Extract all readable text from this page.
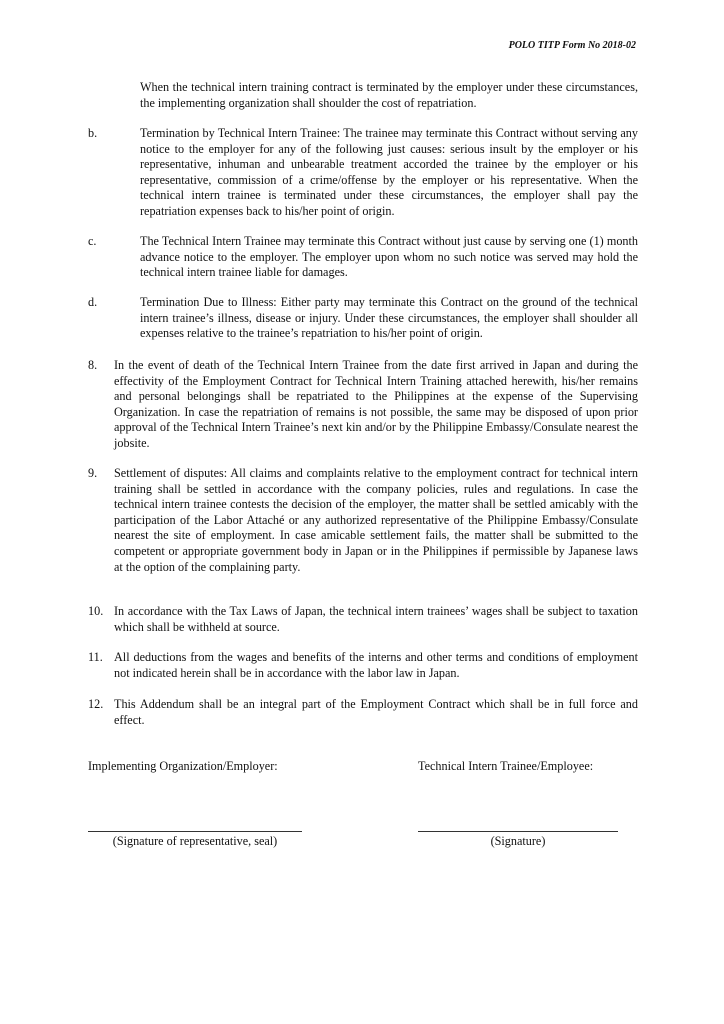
POLO TITP Form No 2018-02

When the technical intern training contract is terminated by the employer under these circumstances, the implementing organization shall shoulder the cost of repatriation.

b.	Termination by Technical Intern Trainee: The trainee may terminate this Contract without serving any notice to the employer for any of the following just causes: serious insult by the employer or his representative, inhuman and unbearable treatment accorded the trainee by the employer or his representative, commission of a crime/offense by the employer or his representative. When the technical intern trainee is terminated under these circumstances, the employer shall pay the repatriation expenses back to his/her point of origin.

c.	The Technical Intern Trainee may terminate this Contract without just cause by serving one (1) month advance notice to the employer. The employer upon whom no such notice was served may hold the technical intern trainee liable for damages.

d.	Termination Due to Illness: Either party may terminate this Contract on the ground of the technical intern trainee’s illness, disease or injury. Under these circumstances, the employer shall shoulder all expenses relative to the trainee’s repatriation to his/her point of origin.

8. In the event of death of the Technical Intern Trainee from the date first arrived in Japan and during the effectivity of the Employment Contract for Technical Intern Training attached herewith, his/her remains and personal belongings shall be repatriated to the Philippines at the expense of the Supervising Organization. In case the repatriation of remains is not possible, the same may be disposed of upon prior approval of the Technical Intern Trainee’s next kin and/or by the Philippine Embassy/Consulate nearest the jobsite.

9. Settlement of disputes: All claims and complaints relative to the employment contract for technical intern training shall be settled in accordance with the company policies, rules and regulations. In case the technical intern trainee contests the decision of the employer, the matter shall be settled amicably with the participation of the Labor Attaché or any authorized representative of the Philippine Embassy/Consulate nearest the site of employment. In case amicable settlement fails, the matter shall be submitted to the competent or appropriate government body in Japan or in the Philippines if permissible by Japanese laws at the option of the complaining party.

10. In accordance with the Tax Laws of Japan, the technical intern trainees’ wages shall be subject to taxation which shall be withheld at source.

11. All deductions from the wages and benefits of the interns and other terms and conditions of employment not indicated herein shall be in accordance with the labor law in Japan.

12. This Addendum shall be an integral part of the Employment Contract which shall be in full force and effect.

Implementing Organization/Employer:	Technical Intern Trainee/Employee:
(Signature of representative, seal)	(Signature)
